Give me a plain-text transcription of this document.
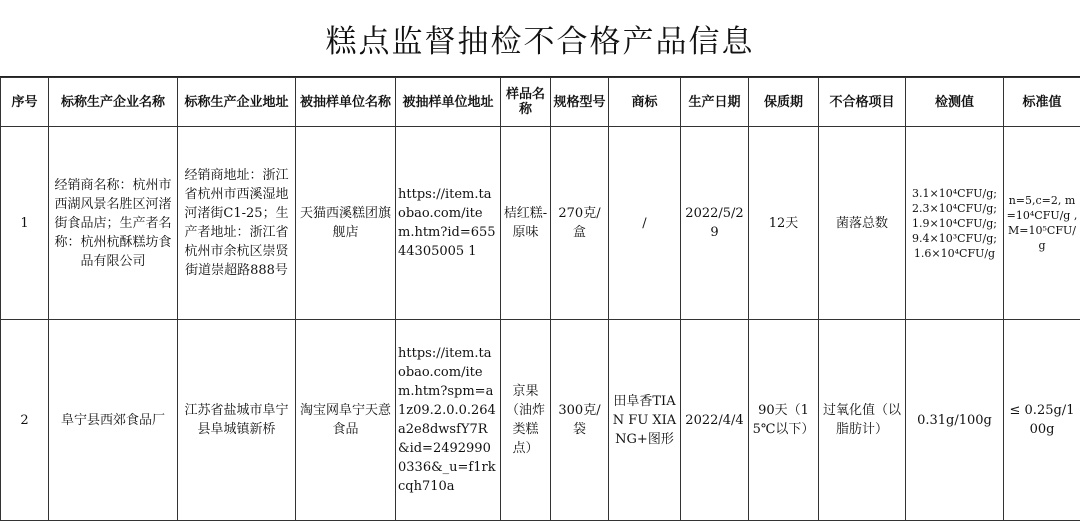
糕点监督抽检不合格产品信息
序号	标称生产企业名称	标称生产企业地址	被抽样单位名称	被抽样单位地址	样品名称	规格型号	商标	生产日期	保质期	不合格项目	检测值	标准值
1	经销商名称：杭州市西湖风景名胜区河渚街食品店；生产者名称：杭州杭酥糕坊食品有限公司	经销商地址：浙江省杭州市西溪湿地河渚街C1-25；生产者地址：浙江省杭州市余杭区崇贤街道崇超路888号	天猫西溪糕团旗舰店	https://item.taobao.com/item.htm?id=65544305005 1	桔红糕-原味	270克/盒	/	2022/5/29	12天	菌落总数	3.1×10⁴CFU/g; 2.3×10⁴CFU/g; 1.9×10⁴CFU/g; 9.4×10³CFU/g; 1.6×10⁴CFU/g	n=5,c=2, m=10⁴CFU/g , M=10⁵CFU/ g
2	阜宁县西郊食品厂	江苏省盐城市阜宁县阜城镇新桥	淘宝网阜宁天意食品	https://item.taobao.com/item.htm?spm=a1z09.2.0.0.264a2e8dwsfY7R&id=24929900336&_u=f1rkcqh710a	京果（油炸类糕点）	300克/袋	田阜香TIAN FU XIANG+图形	2022/4/4	90天（15℃以下）	过氧化值（以脂肪计）	0.31g/100g	≤ 0.25g/100g
